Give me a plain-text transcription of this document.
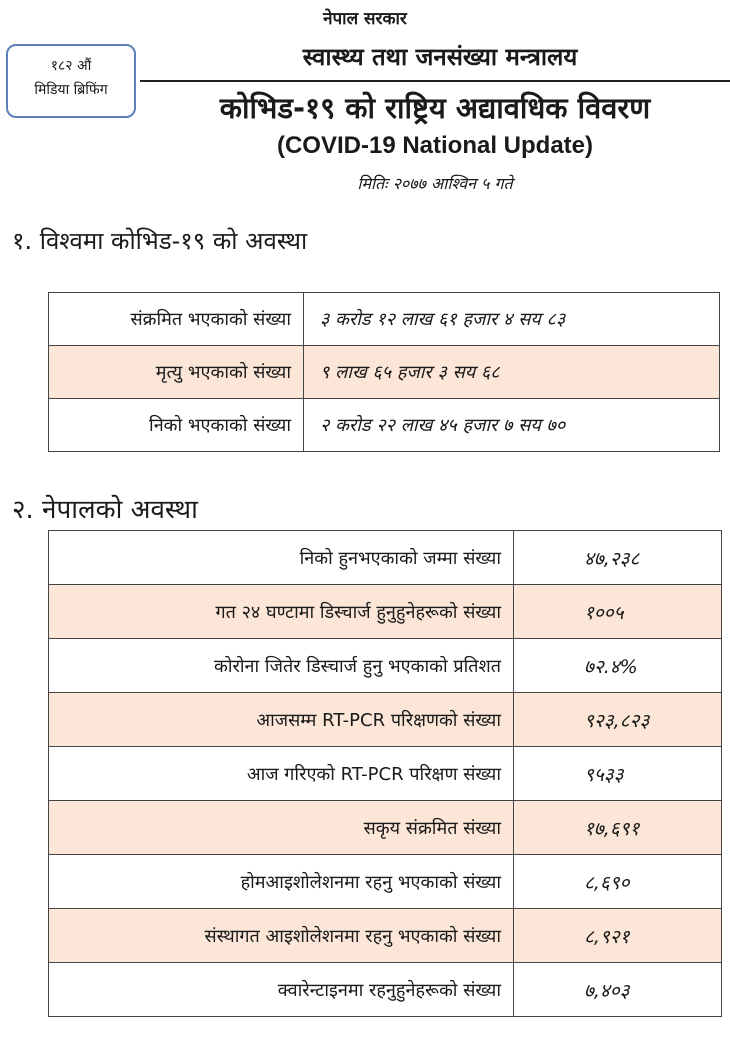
नेपाल सरकार
१८२ औं
मिडिया ब्रिफिंग
स्वास्थ्य तथा जनसंख्या मन्त्रालय
कोभिड-१९ को राष्ट्रिय अद्यावधिक विवरण
(COVID-19 National Update)
मितिः २०७७ आश्विन ५ गते
१. विश्वमा कोभिड-१९ को अवस्था
संक्रमित भएकाको संख्या	३ करोड १२ लाख ६१ हजार ४ सय ८३
मृत्यु भएकाको संख्या	९ लाख ६५ हजार ३ सय ६८
निको भएकाको संख्या	२ करोड २२ लाख ४५ हजार ७ सय ७०
२. नेपालको अवस्था
निको हुनभएकाको जम्मा संख्या	४७,२३८
गत २४ घण्टामा डिस्चार्ज हुनुहुनेहरूको संख्या	१००५
कोरोना जितेर डिस्चार्ज हुनु भएकाको प्रतिशत	७२.४%
आजसम्म RT-PCR परिक्षणको संख्या	९२३,८२३
आज गरिएको RT-PCR परिक्षण संख्या	९५३३
सकृय संक्रमित संख्या	१७,६९१
होमआइशोलेशनमा रहनु भएकाको संख्या	८,६९०
संस्थागत आइशोलेशनमा रहनु भएकाको संख्या	८,९२१
क्वारेन्टाइनमा रहनुहुनेहरूको संख्या	७,४०३
